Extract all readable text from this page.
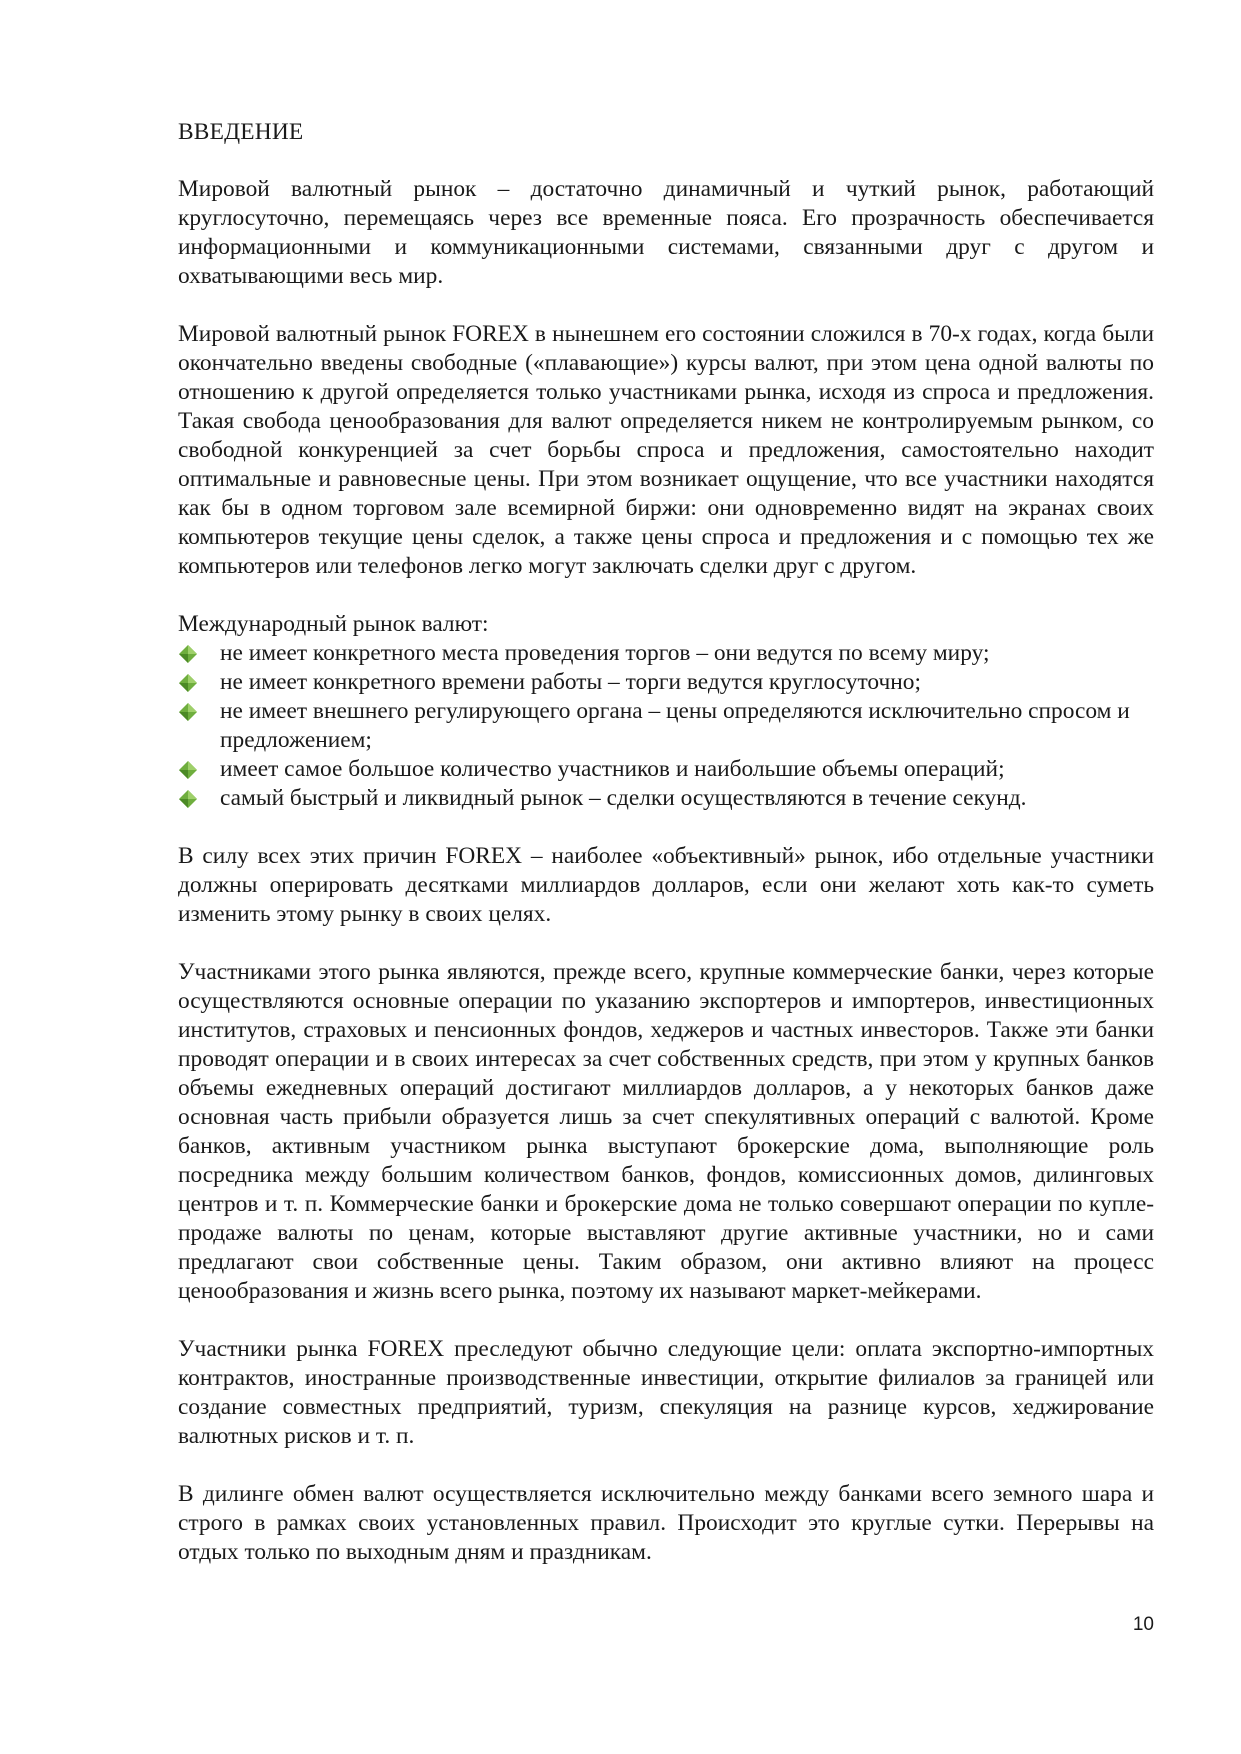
ВВЕДЕНИЕ

Мировой валютный рынок – достаточно динамичный и чуткий рынок, работающий круглосуточно, перемещаясь через все временные пояса. Его прозрачность обеспечивается информационными и коммуникационными системами, связанными друг с другом и охватывающими весь мир.

Мировой валютный рынок FOREX в нынешнем его состоянии сложился в 70-х годах, когда были окончательно введены свободные («плавающие») курсы валют, при этом цена одной валюты по отношению к другой определяется только участниками рынка, исходя из спроса и предложения. Такая свобода ценообразования для валют определяется никем не контролируемым рынком, со свободной конкуренцией за счет борьбы спроса и предложения, самостоятельно находит оптимальные и равновесные цены. При этом возникает ощущение, что все участники находятся как бы в одном торговом зале всемирной биржи: они одновременно видят на экранах своих компьютеров текущие цены сделок, а также цены спроса и предложения и с помощью тех же компьютеров или телефонов легко могут заключать сделки друг с другом.

Международный рынок валют:

не имеет конкретного места проведения торгов – они ведутся по всему миру;
не имеет конкретного времени работы – торги ведутся круглосуточно;
не имеет внешнего регулирующего органа – цены определяются исключительно спросом и предложением;
имеет самое большое количество участников и наибольшие объемы операций;
самый быстрый и ликвидный рынок – сделки осуществляются в течение секунд.

В силу всех этих причин FOREX – наиболее «объективный» рынок, ибо отдельные участники должны оперировать десятками миллиардов долларов, если они желают хоть как-то суметь изменить этому рынку в своих целях.

Участниками этого рынка являются, прежде всего, крупные коммерческие банки, через которые осуществляются основные операции по указанию экспортеров и импортеров, инвестиционных институтов, страховых и пенсионных фондов, хеджеров и частных инвесторов. Также эти банки проводят операции и в своих интересах за счет собственных средств, при этом у крупных банков объемы ежедневных операций достигают миллиардов долларов, а у некоторых банков даже основная часть прибыли образуется лишь за счет спекулятивных операций с валютой. Кроме банков, активным участником рынка выступают брокерские дома, выполняющие роль посредника между большим количеством банков, фондов, комиссионных домов, дилинговых центров и т. п. Коммерческие банки и брокерские дома не только совершают операции по купле-продаже валюты по ценам, которые выставляют другие активные участники, но и сами предлагают свои собственные цены. Таким образом, они активно влияют на процесс ценообразования и жизнь всего рынка, поэтому их называют маркет-мейкерами.

Участники рынка FOREX преследуют обычно следующие цели: оплата экспортно-импортных контрактов, иностранные производственные инвестиции, открытие филиалов за границей или создание совместных предприятий, туризм, спекуляция на разнице курсов, хеджирование валютных рисков и т. п.

В дилинге обмен валют осуществляется исключительно между банками всего земного шара и строго в рамках своих установленных правил. Происходит это круглые сутки. Перерывы на отдых только по выходным дням и праздникам.

10
